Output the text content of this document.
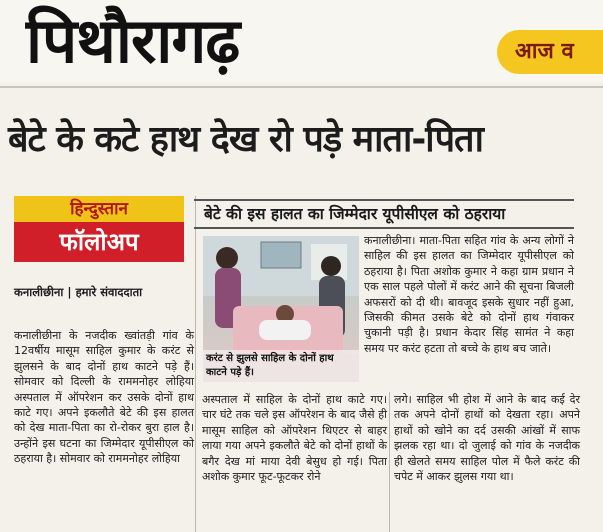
पिथौरागढ़	आज व
बेटे के कटे हाथ देख रो पड़े माता-पिता
हिन्दुस्तान
फॉलोअप
कनालीछीना | हमारे संवाददाता
बेटे की इस हालत का जिम्मेदार यूपीसीएल को ठहराया
करंट से झुलसे साहिल के दोनों हाथ काटने पड़े हैं।
कनालीछीना। माता-पिता सहित गांव के अन्य लोगों ने साहिल की इस हालत का जिम्मेदार यूपीसीएल को ठहराया है। पिता अशोक कुमार ने कहा ग्राम प्रधान ने एक साल पहले पोलों में करंट आने की सूचना बिजली अफसरों को दी थी। बावजूद इसके सुधार नहीं हुआ, जिसकी कीमत उसके बेटे को दोनों हाथ गंवाकर चुकानी पड़ी है। प्रधान केदार सिंह सामंत ने कहा समय पर करंट हटता तो बच्चे के हाथ बच जाते।
कनालीछीना के नजदीक ख्वांतड़ी गांव के 12वर्षीय मासूम साहिल कुमार के करंट से झुलसने के बाद दोनों हाथ काटने पड़े हैं। सोमवार को दिल्ली के राममनोहर लोहिया अस्पताल में ऑपरेशन कर उसके दोनों हाथ काटे गए। अपने इकलौते बेटे की इस हालत को देख माता-पिता का रो-रोकर बुरा हाल है। उन्होंने इस घटना का जिम्मेदार यूपीसीएल को ठहराया है। सोमवार को राममनोहर लोहिया
अस्पताल में साहिल के दोनों हाथ काटे गए। चार घंटे तक चले इस ऑपरेशन के बाद जैसे ही मासूम साहिल को ऑपरेशन थिएटर से बाहर लाया गया अपने इकलौते बेटे को दोनों हाथों के बगैर देख मां माया देवी बेसुध हो गई। पिता अशोक कुमार फूट-फूटकर रोने
लगे। साहिल भी होश में आने के बाद कई देर तक अपने दोनों हाथों को देखता रहा। अपने हाथों को खोने का दर्द उसकी आंखों में साफ झलक रहा था। दो जुलाई को गांव के नजदीक ही खेलते समय साहिल पोल में फैले करंट की चपेट में आकर झुलस गया था।
